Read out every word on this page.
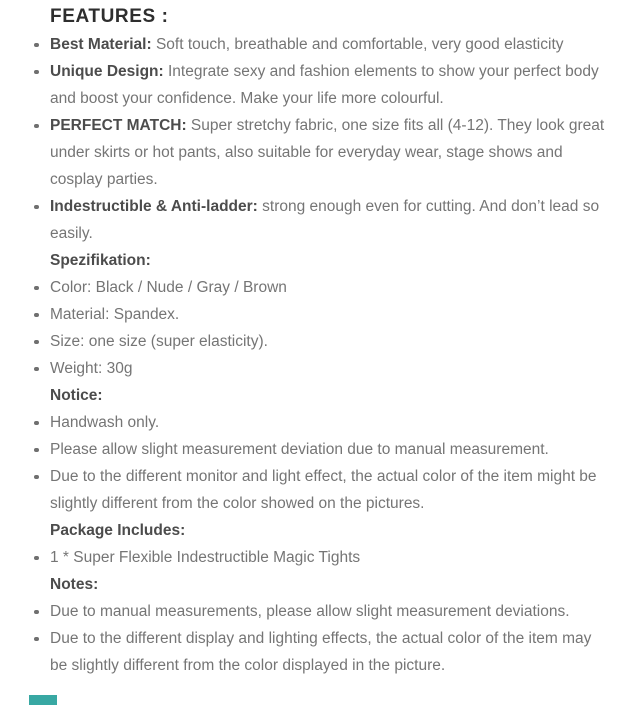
FEATURES :
Best Material: Soft touch, breathable and comfortable, very good elasticity
Unique Design: Integrate sexy and fashion elements to show your perfect body and boost your confidence. Make your life more colourful.
PERFECT MATCH: Super stretchy fabric, one size fits all (4-12). They look great under skirts or hot pants, also suitable for everyday wear, stage shows and cosplay parties.
Indestructible & Anti-ladder: strong enough even for cutting. And don’t lead so easily.
Spezifikation:
Color: Black / Nude / Gray / Brown
Material: Spandex.
Size: one size (super elasticity).
Weight: 30g
Notice:
Handwash only.
Please allow slight measurement deviation due to manual measurement.
Due to the different monitor and light effect, the actual color of the item might be slightly different from the color showed on the pictures.
Package Includes:
1 * Super Flexible Indestructible Magic Tights
Notes:
Due to manual measurements, please allow slight measurement deviations.
Due to the different display and lighting effects, the actual color of the item may be slightly different from the color displayed in the picture.
